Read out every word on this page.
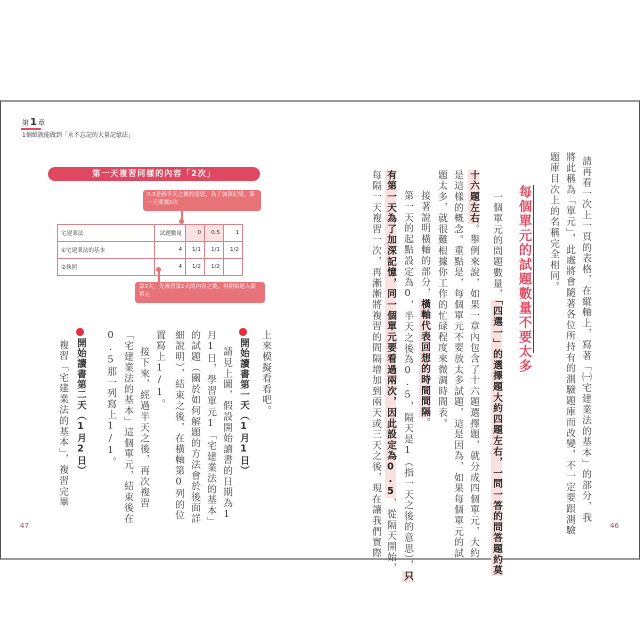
第1章
1個紙就能做到「永不忘記的大量記憶法」
第一天複習同樣的內容「2次」
0.5是指半天之後的意思，為了加深記憶，第一天要讀2次
宅建業法	試題數量	0	0.5	1
①宅建業法的基本	4	1/1	1/1	1/2
②執照	4	1/2	1/2	
第2天，先複習第1天的內容之後，再開始進入新單元
上來模擬看看吧。
開始讀書第一天（1月1日）
　請見上圖，假設開始讀書的日期為1
月1日，學習單元1「宅建業法的基本」
的試題（關於如何解題的方法會於後面詳
細說明），結束之後，在橫軸第0列的位
置寫上1/1。
　接下來，經過半天之後，再次複習
「宅建業法的基本」這個單元，結束後在
0.5那一列寫上1/1。
開始讀書第二天（1月2日）
複習「宅建業法的基本」，複習完畢
47
請再看一次上一頁的表格，在縱軸上，寫著「㈠宅建業法的基本」的部分，我
將此稱為「單元」，此處將會隨著各位所持有的測驗題庫而改變，不一定要跟測驗
題庫目次上的名稱完全相同。
每個單元的試題數量不要太多
一個單元的問題數量，「四選一」的選擇題大約四題左右，一問一答的問答題約莫
十六題左右。舉例來說，如果一章內包含了十六題選擇題，就分成四個單元，大約
是這樣的概念。重點是，每個單元不要放太多試題，這是因為，如果每個單元的試
題太多，就很難根據你工作的忙碌程度來微調時間表。
　接著說明橫軸的部分，橫軸代表回想的時間間隔。
　第一天的起點設定為0，半天之後為0.5，隔天是1（指一天之後的意思），只
有第一天為了加深記憶，同一個單元要看過兩次，因此設定為0.5，從隔天開始，
每隔一天複習一次，再漸漸將複習的間隔增加到兩天或三天之後，現在讓我們實際	46
